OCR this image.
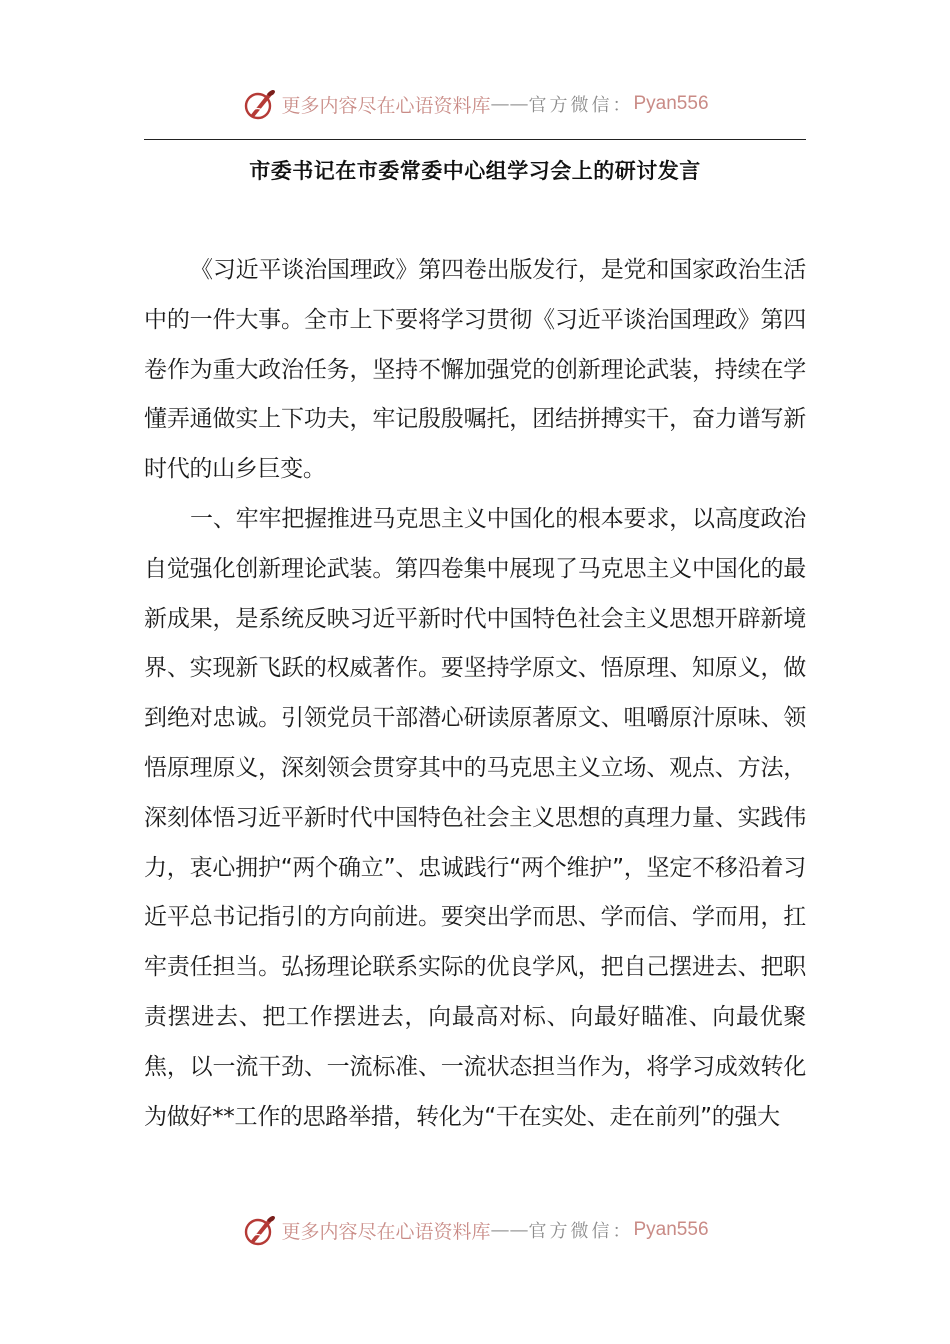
更多内容尽在心语资料库 —— 官方微信： Pyan556
市委书记在市委常委中心组学习会上的研讨发言

《习近平谈治国理政》第四卷出版发行，是党和国家政治生活中的一件大事。全市上下要将学习贯彻《习近平谈治国理政》第四卷作为重大政治任务，坚持不懈加强党的创新理论武装，持续在学懂弄通做实上下功夫，牢记殷殷嘱托，团结拼搏实干，奋力谱写新时代的山乡巨变。

一、牢牢把握推进马克思主义中国化的根本要求，以高度政治自觉强化创新理论武装。第四卷集中展现了马克思主义中国化的最新成果，是系统反映习近平新时代中国特色社会主义思想开辟新境界、实现新飞跃的权威著作。要坚持学原文、悟原理、知原义，做到绝对忠诚。引领党员干部潜心研读原著原文、咀嚼原汁原味、领悟原理原义，深刻领会贯穿其中的马克思主义立场、观点、方法，深刻体悟习近平新时代中国特色社会主义思想的真理力量、实践伟力，衷心拥护“两个确立”、忠诚践行“两个维护”，坚定不移沿着习近平总书记指引的方向前进。要突出学而思、学而信、学而用，扛牢责任担当。弘扬理论联系实际的优良学风，把自己摆进去、把职责摆进去、把工作摆进去，向最高对标、向最好瞄准、向最优聚焦，以一流干劲、一流标准、一流状态担当作为，将学习成效转化为做好**工作的思路举措，转化为“干在实处、走在前列”的强大

更多内容尽在心语资料库 —— 官方微信： Pyan556
